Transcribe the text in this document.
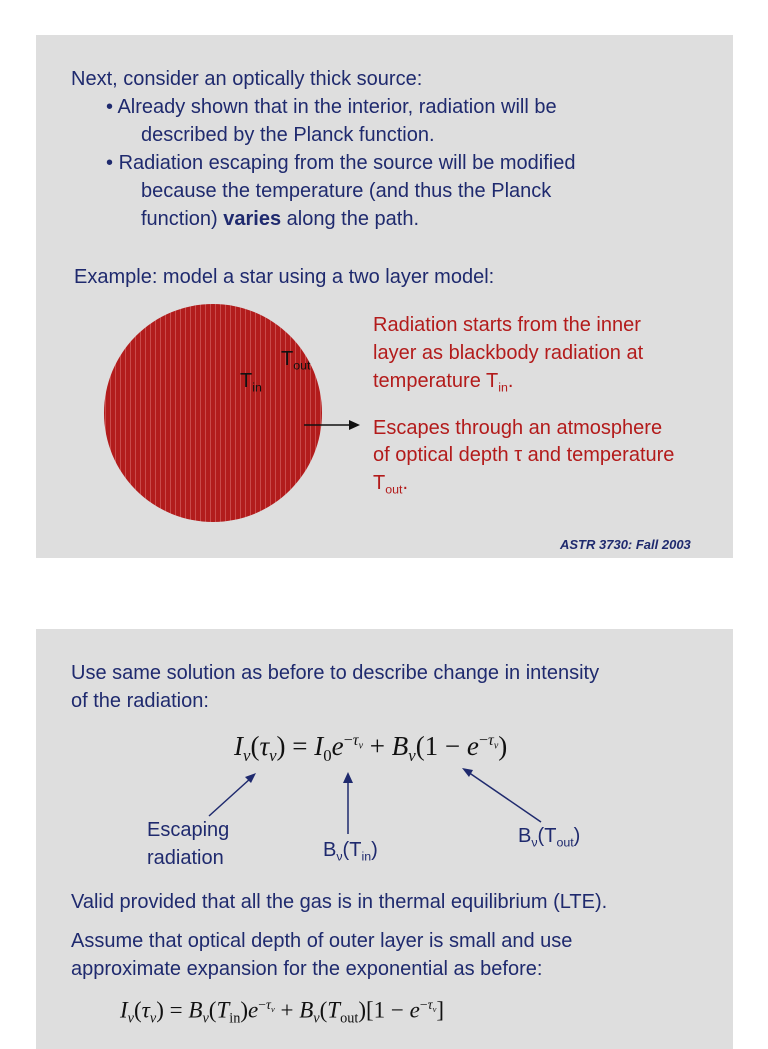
Next, consider an optically thick source:
• Already shown that in the interior, radiation will be
described by the Planck function.
• Radiation escaping from the source will be modified
because the temperature (and thus the Planck
function) varies along the path.
Example: model a star using a two layer model:
$T_{out}$
$T_{in}$
Radiation starts from the inner
layer as blackbody radiation at
temperature $T_{in}$.
Escapes through an atmosphere
of optical depth τ and temperature
$T_{out}$.
ASTR 3730: Fall 2003
Use same solution as before to describe change in intensity
of the radiation:
$I_\nu(\tau_\nu) = I_0e^{-\tau_\nu} + B_\nu(1 - e^{-\tau_\nu})$
Escaping
radiation	$B_\nu(T_{in})$
$B_\nu(T_{out})$
Valid provided that all the gas is in thermal equilibrium (LTE).
Assume that optical depth of outer layer is small and use
approximate expansion for the exponential as before:
$I_\nu(\tau_\nu) = B_\nu(T_{in})e^{-\tau_\nu} + B_\nu(T_{out})[1 - e^{-\tau_\nu}]$
